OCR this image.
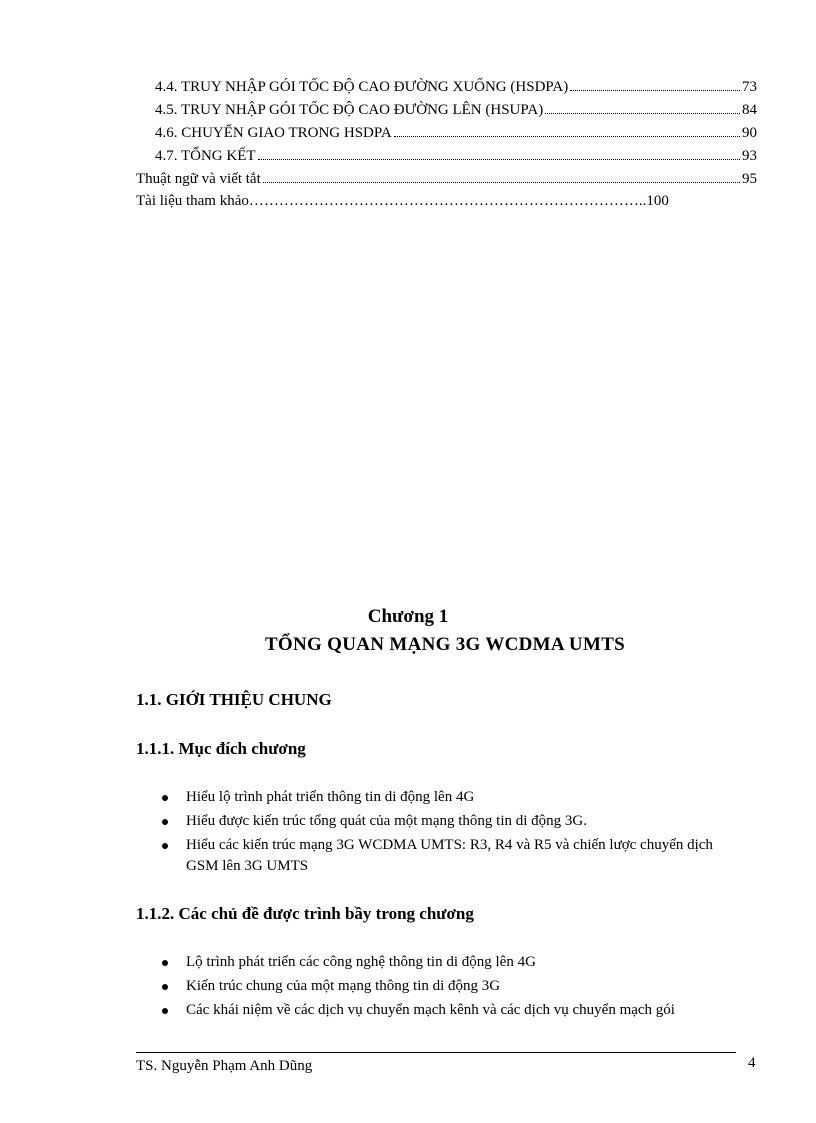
4.4. TRUY NHẬP GÓI TỐC ĐỘ CAO ĐƯỜNG XUỐNG (HSDPA)	73
4.5. TRUY NHẬP GÓI TỐC ĐỘ CAO ĐƯỜNG LÊN (HSUPA)	84
4.6. CHUYỂN GIAO TRONG HSDPA	90
4.7. TỔNG KẾT	93
Thuật ngữ và viết tắt	95
Tài liệu tham khảo……………………………………………………………………..100
Chương 1
TỔNG QUAN MẠNG 3G WCDMA UMTS
1.1. GIỚI THIỆU CHUNG
1.1.1. Mục đích chương
Hiểu lộ trình phát triển thông tin di động lên 4G
Hiểu được kiến trúc tổng quát của một mạng thông tin di động 3G.
Hiểu các kiến trúc mạng 3G WCDMA UMTS: R3, R4 và R5 và chiến lược chuyển dịch GSM lên 3G UMTS
1.1.2. Các chủ đề được trình bầy trong chương
Lộ trình phát triển các công nghệ thông tin di động lên 4G
Kiến trúc chung của một mạng thông tin di động 3G
Các khái niệm về các dịch vụ chuyển mạch kênh và các dịch vụ chuyển mạch gói
TS. Nguyễn Phạm Anh Dũng	4
